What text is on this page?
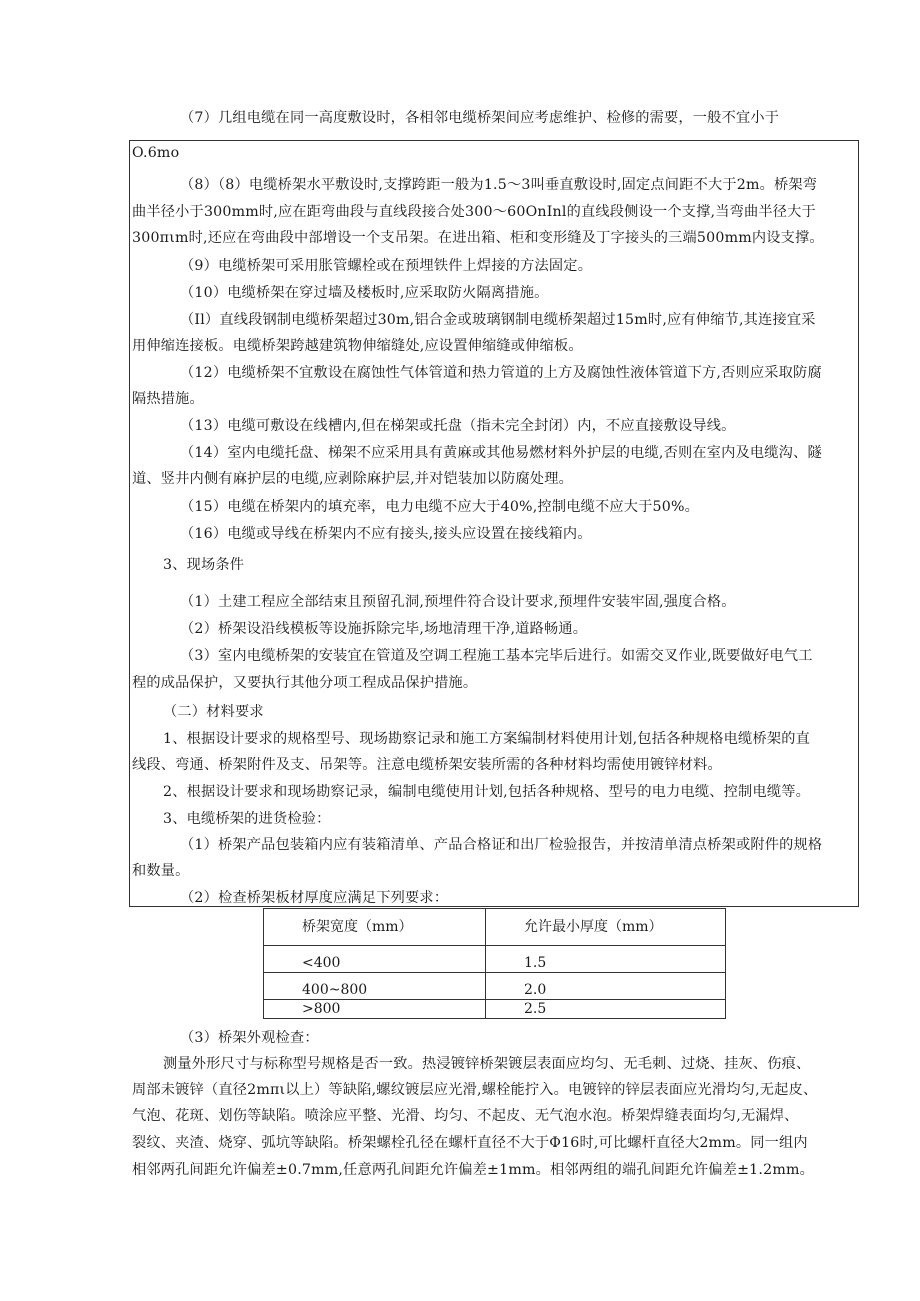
（7）几组电缆在同一高度敷设时，各相邻电缆桥架间应考虑维护、检修的需要，一般不宜小于
O.6mo
（8）（8）电缆桥架水平敷设时,支撑跨距一般为1.5～3叫垂直敷设时,固定点间距不大于2m。桥架弯
曲半径小于300mm时,应在距弯曲段与直线段接合处300～60OnInl的直线段侧设一个支撑,当弯曲半径大于
300πιm时,还应在弯曲段中部增设一个支吊架。在进出箱、柜和变形缝及丁字接头的三端500mm内设支撑。
（9）电缆桥架可采用胀管螺栓或在预埋铁件上焊接的方法固定。
（10）电缆桥架在穿过墙及楼板时,应采取防火隔离措施。
（Il）直线段钢制电缆桥架超过30m,铝合金或玻璃钢制电缆桥架超过15m时,应有伸缩节,其连接宜采
用伸缩连接板。电缆桥架跨越建筑物伸缩缝处,应设置伸缩缝或伸缩板。
（12）电缆桥架不宜敷设在腐蚀性气体管道和热力管道的上方及腐蚀性液体管道下方,否则应采取防腐
隔热措施。
（13）电缆可敷设在线槽内,但在梯架或托盘（指未完全封闭）内，不应直接敷设导线。
（14）室内电缆托盘、梯架不应采用具有黄麻或其他易燃材料外护层的电缆,否则在室内及电缆沟、隧
道、竖井内侧有麻护层的电缆,应剥除麻护层,并对铠装加以防腐处理。
（15）电缆在桥架内的填充率，电力电缆不应大于40%,控制电缆不应大于50%。
（16）电缆或导线在桥架内不应有接头,接头应设置在接线箱内。
3、现场条件
（1）土建工程应全部结束且预留孔洞,预埋件符合设计要求,预埋件安装牢固,强度合格。
（2）桥架设沿线模板等设施拆除完毕,场地清理干净,道路畅通。
（3）室内电缆桥架的安装宜在管道及空调工程施工基本完毕后进行。如需交叉作业,既要做好电气工
程的成品保护，又要执行其他分项工程成品保护措施。
（二）材料要求
1、根据设计要求的规格型号、现场勘察记录和施工方案编制材料使用计划,包括各种规格电缆桥架的直
线段、弯通、桥架附件及支、吊架等。注意电缆桥架安装所需的各种材料均需使用镀锌材料。
2、根据设计要求和现场勘察记录，编制电缆使用计划,包括各种规格、型号的电力电缆、控制电缆等。
3、电缆桥架的进货检验：
（1）桥架产品包装箱内应有装箱清单、产品合格证和出厂检验报告，并按清单清点桥架或附件的规格
和数量。
（2）检查桥架板材厚度应满足下列要求：
桥架宽度（mm）	允许最小厚度（mm）
<400	1.5
400~800	2.0
>800	2.5
（3）桥架外观检查：
测量外形尺寸与标称型号规格是否一致。热浸镀锌桥架镀层表面应均匀、无毛刺、过烧、挂灰、伤痕、
周部未镀锌（直径2mπι以上）等缺陷,螺纹镀层应光滑,螺栓能拧入。电镀锌的锌层表面应光滑均匀,无起皮、
气泡、花斑、划伤等缺陷。喷涂应平整、光滑、均匀、不起皮、无气泡水泡。桥架焊缝表面均匀,无漏焊、
裂纹、夹渣、烧穿、弧坑等缺陷。桥架螺栓孔径在螺杆直径不大于Φ16时,可比螺杆直径大2mm。同一组内
相邻两孔间距允许偏差±0.7mm,任意两孔间距允许偏差±1mm。相邻两组的端孔间距允许偏差±1.2mm。
